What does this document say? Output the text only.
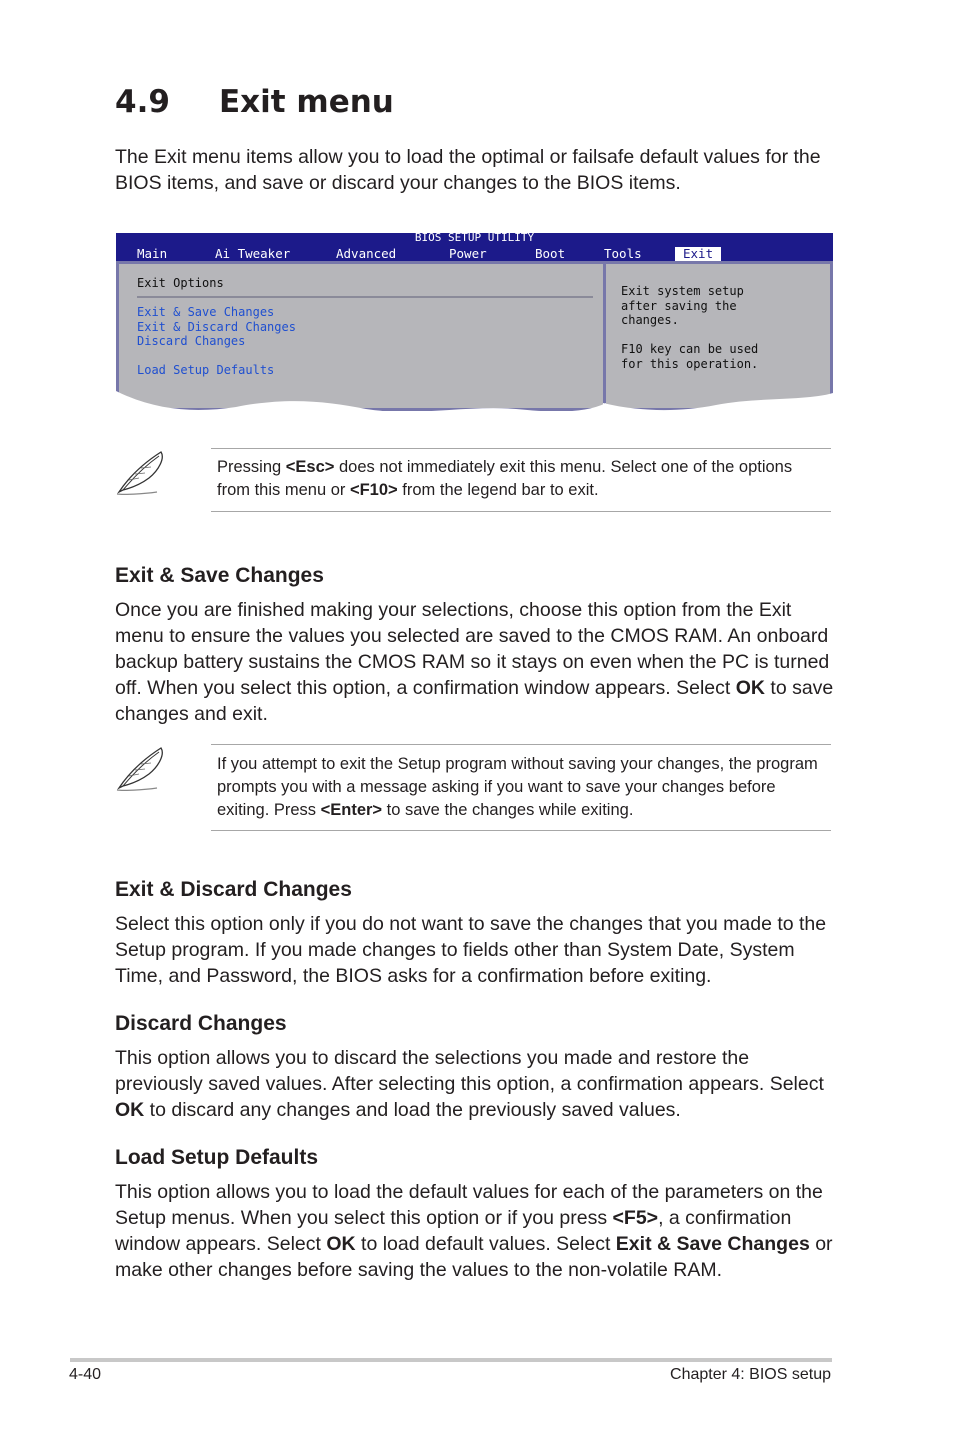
4.9 Exit menu

The Exit menu items allow you to load the optimal or failsafe default values for the
BIOS items, and save or discard your changes to the BIOS items.

BIOS SETUP UTILITY
Main	Ai Tweaker	Advanced	Power	Boot	Tools	Exit
Exit Options
Exit & Save Changes
Exit & Discard Changes
Discard Changes
Load Setup Defaults
Exit system setup
after saving the
changes.
F10 key can be used
for this operation.

Pressing <Esc> does not immediately exit this menu. Select one of the options from this menu or <F10> from the legend bar to exit.

Exit & Save Changes

Once you are finished making your selections, choose this option from the Exit menu to ensure the values you selected are saved to the CMOS RAM. An onboard backup battery sustains the CMOS RAM so it stays on even when the PC is turned off. When you select this option, a confirmation window appears. Select OK to save changes and exit.

If you attempt to exit the Setup program without saving your changes, the program prompts you with a message asking if you want to save your changes before exiting. Press <Enter> to save the changes while exiting.

Exit & Discard Changes

Select this option only if you do not want to save the changes that you made to the Setup program. If you made changes to fields other than System Date, System Time, and Password, the BIOS asks for a confirmation before exiting.

Discard Changes

This option allows you to discard the selections you made and restore the previously saved values. After selecting this option, a confirmation appears. Select OK to discard any changes and load the previously saved values.

Load Setup Defaults

This option allows you to load the default values for each of the parameters on the Setup menus. When you select this option or if you press <F5>, a confirmation window appears. Select OK to load default values. Select Exit & Save Changes or make other changes before saving the values to the non-volatile RAM.

4-40	Chapter 4: BIOS setup
